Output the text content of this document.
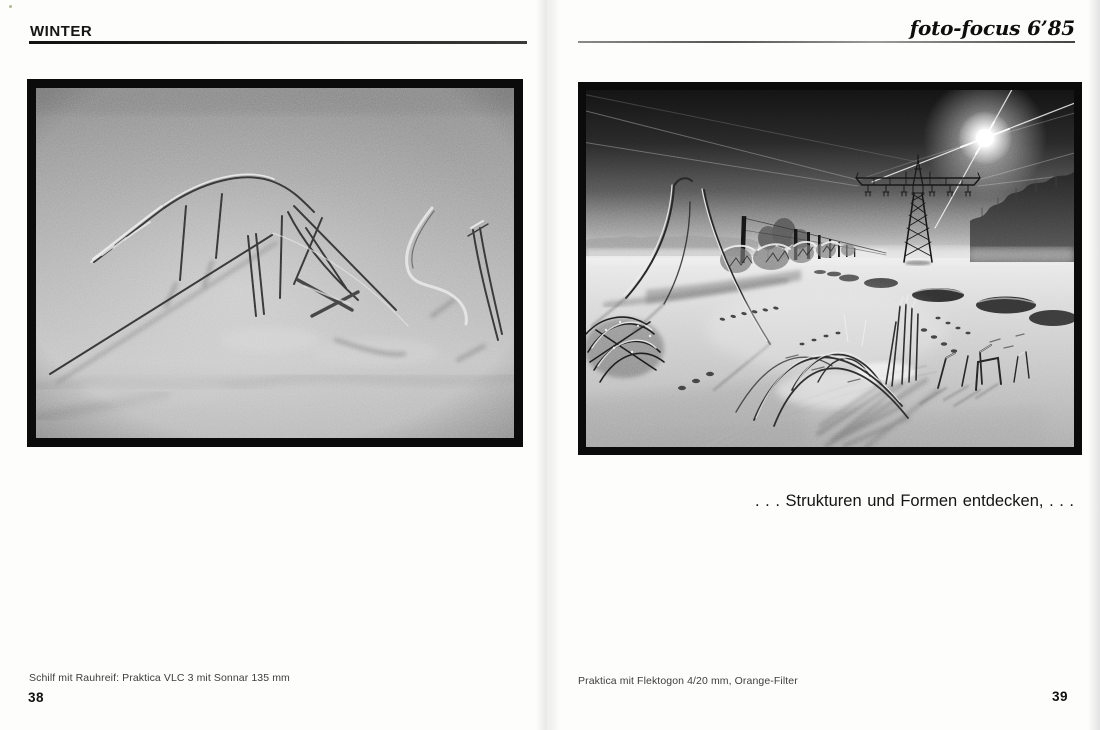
WINTER
Schilf mit Rauhreif: Praktica VLC 3 mit Sonnar 135 mm
38
foto-focus 6’85
. . . Strukturen und Formen entdecken, . . .
Praktica mit Flektogon 4/20 mm, Orange-Filter
39
